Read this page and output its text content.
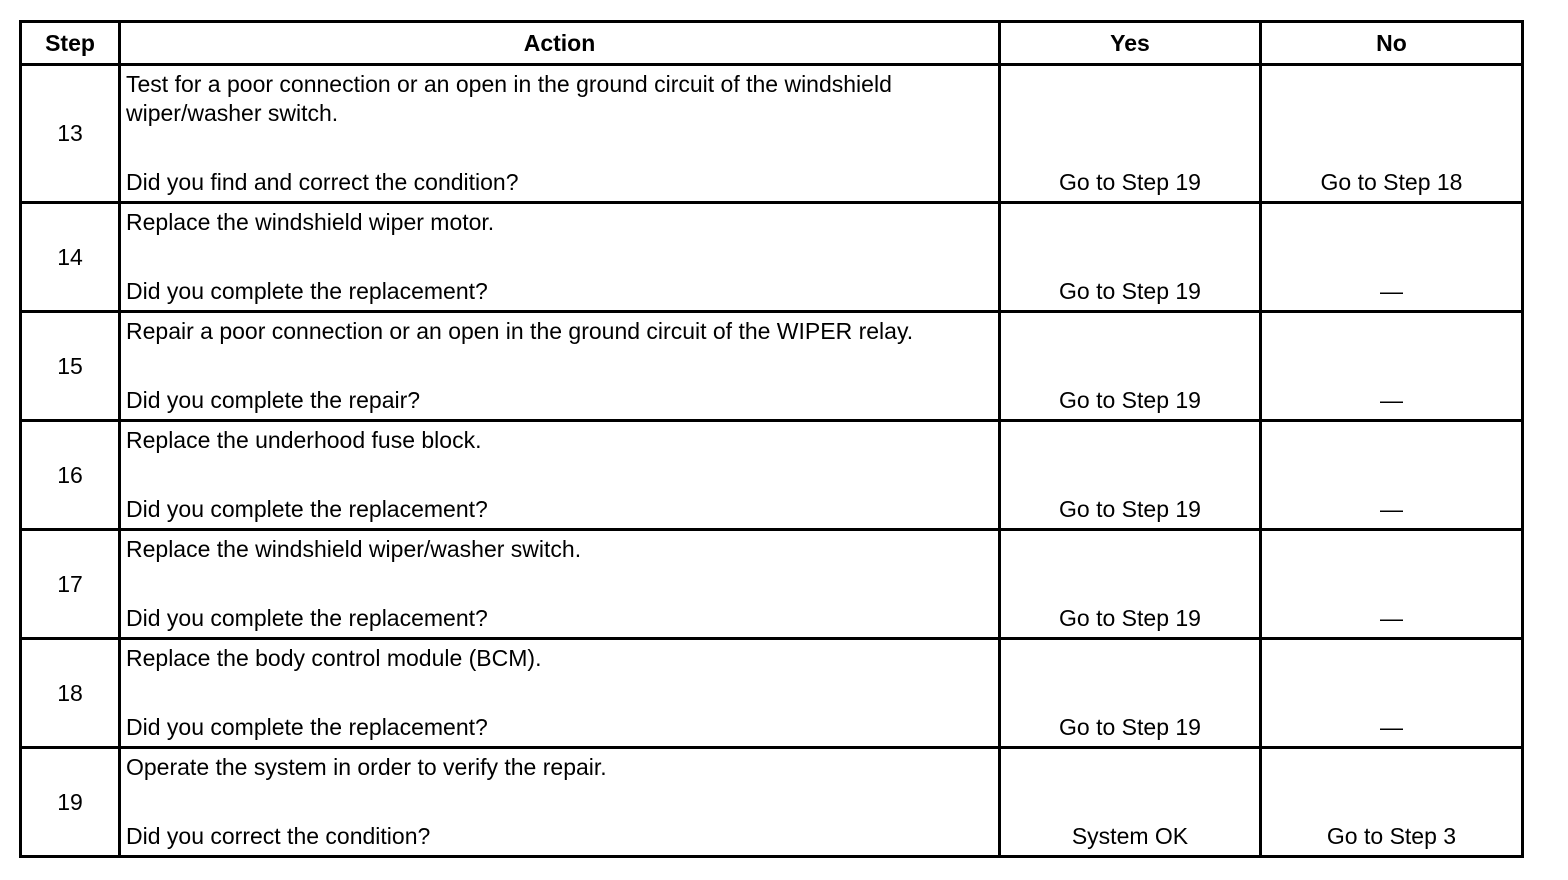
Step	Action	Yes	No
13	Test for a poor connection or an open in the ground circuit of the windshield wiper/washer switch.
Did you find and correct the condition?	Go to Step 19	Go to Step 18

14	Replace the windshield wiper motor.
Did you complete the replacement?	Go to Step 19	—

15	Repair a poor connection or an open in the ground circuit of the WIPER relay.
Did you complete the repair?	Go to Step 19	—

16	Replace the underhood fuse block.
Did you complete the replacement?	Go to Step 19	—

17	Replace the windshield wiper/washer switch.
Did you complete the replacement?	Go to Step 19	—

18	Replace the body control module (BCM).
Did you complete the replacement?	Go to Step 19	—

19	Operate the system in order to verify the repair.
Did you correct the condition?	System OK	Go to Step 3
